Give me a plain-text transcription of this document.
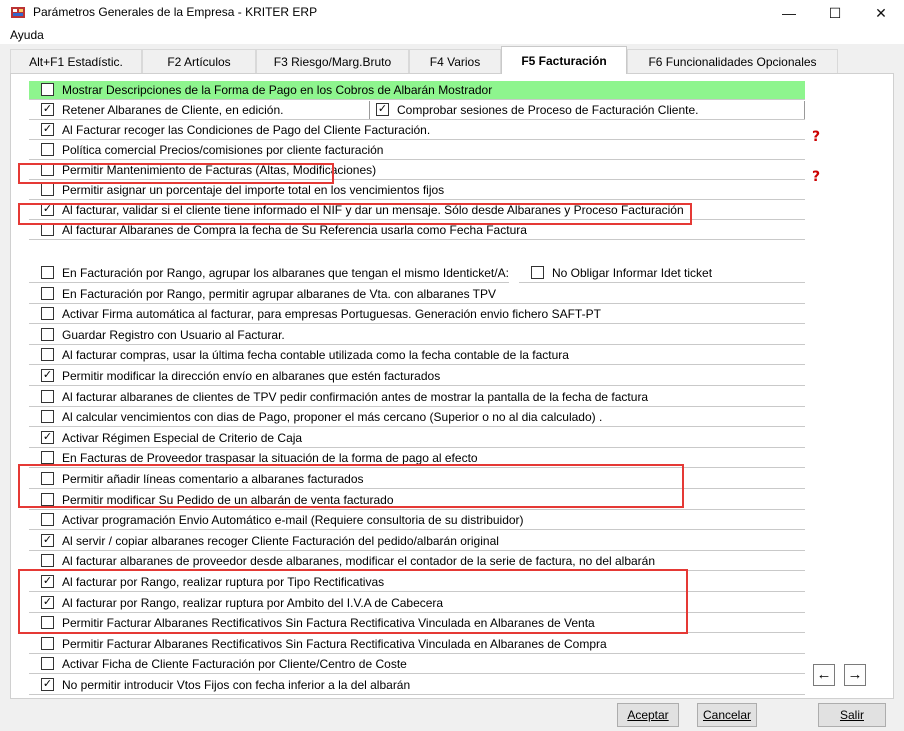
Parámetros Generales de la Empresa - KRITER ERP	—	☐	✕
Ayuda
Alt+F1 Estadístic.	F2 Artículos	F3 Riesgo/Marg.Bruto	F4 Varios	F5 Facturación	F6 Funcionalidades Opcionales
Mostrar Descripciones de la Forma de Pago en los Cobros de Albarán Mostrador
✓ Retener Albaranes de Cliente, en edición.	✓ Comprobar sesiones de Proceso de Facturación Cliente.
✓ Al Facturar recoger las Condiciones de Pago del Cliente Facturación.
Política comercial Precios/comisiones por cliente facturación
Permitir Mantenimiento de Facturas (Altas, Modificaciones)
Permitir asignar un porcentaje del importe total en los vencimientos fijos
✓ Al facturar, validar si el cliente tiene informado el NIF y dar un mensaje. Sólo desde Albaranes y Proceso Facturación
Al facturar Albaranes de Compra la fecha de Su Referencia usarla como Fecha Factura
En Facturación por Rango, agrupar los albaranes que tengan el mismo Identicket/A:	No Obligar Informar Idet ticket
En Facturación por Rango, permitir agrupar albaranes de Vta. con albaranes TPV
Activar Firma automática al facturar, para empresas Portuguesas. Generación envio fichero SAFT-PT
Guardar Registro con Usuario al Facturar.
Al facturar compras, usar la última fecha contable utilizada como la fecha contable de la factura
✓ Permitir modificar la dirección envío en albaranes que estén facturados
Al facturar albaranes de clientes de TPV pedir confirmación antes de mostrar la pantalla de la fecha de factura
Al calcular vencimientos con dias de Pago, proponer el más cercano (Superior o no al dia calculado) .
✓ Activar Régimen Especial de Criterio de Caja
En Facturas de Proveedor traspasar la situación de la forma de pago al efecto
Permitir añadir líneas comentario a albaranes facturados
Permitir modificar Su Pedido de un albarán de venta facturado
Activar programación Envio Automático e-mail (Requiere consultoria de su distribuidor)
✓ Al servir / copiar albaranes recoger Cliente Facturación del pedido/albarán original
Al facturar albaranes de proveedor desde albaranes, modificar el contador de la serie de factura, no del albarán
✓ Al facturar por Rango, realizar ruptura por Tipo Rectificativas
✓ Al facturar por Rango, realizar ruptura por Ambito del I.V.A de Cabecera
Permitir Facturar Albaranes Rectificativos Sin Factura Rectificativa Vinculada en Albaranes de Venta
Permitir Facturar Albaranes Rectificativos Sin Factura Rectificativa Vinculada en Albaranes de Compra
Activar Ficha de Cliente Facturación por Cliente/Centro de Coste
✓ No permitir introducir Vtos Fijos con fecha inferior a la del albarán
?
?
← →
Aceptar	Cancelar	Salir
